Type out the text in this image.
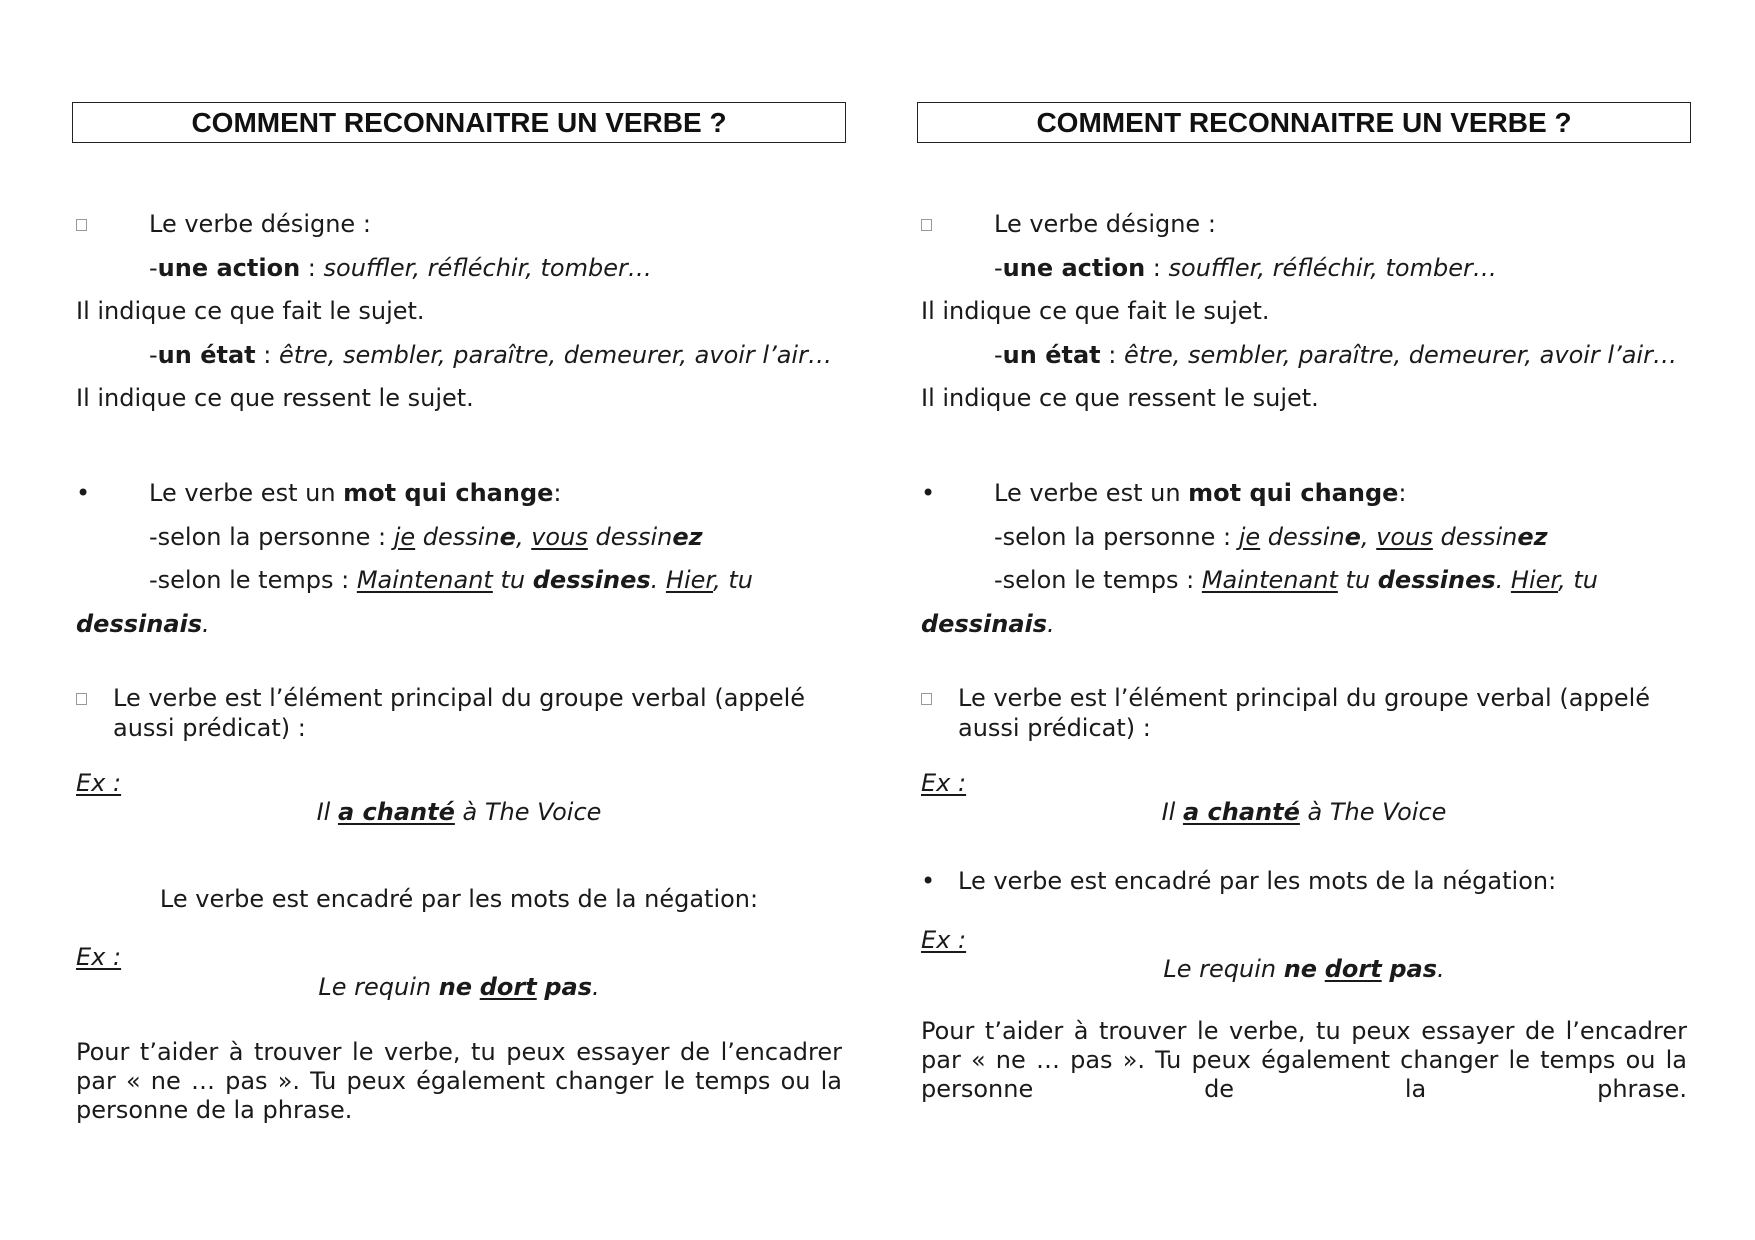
COMMENT RECONNAITRE UN VERBE ?
Le verbe désigne :
-une action : souffler, réfléchir, tomber…
Il indique ce que fait le sujet.
-un état : être, sembler, paraître, demeurer, avoir l’air…
Il indique ce que ressent le sujet.
• Le verbe est un mot qui change:
-selon la personne : je dessine, vous dessinez
-selon le temps : Maintenant tu dessines. Hier, tu
dessinais.
Le verbe est l’élément principal du groupe verbal (appelé aussi prédicat) :
Ex :
Il a chanté à The Voice
Le verbe est encadré par les mots de la négation:
Ex :
Le requin ne dort pas.
Pour t’aider à trouver le verbe, tu peux essayer de l’encadrer par « ne … pas ». Tu peux également changer le temps ou la personne de la phrase.
COMMENT RECONNAITRE UN VERBE ?
Le verbe désigne :
-une action : souffler, réfléchir, tomber…
Il indique ce que fait le sujet.
-un état : être, sembler, paraître, demeurer, avoir l’air…
Il indique ce que ressent le sujet.
• Le verbe est un mot qui change:
-selon la personne : je dessine, vous dessinez
-selon le temps : Maintenant tu dessines. Hier, tu
dessinais.
Le verbe est l’élément principal du groupe verbal (appelé aussi prédicat) :
Ex :
Il a chanté à The Voice
• Le verbe est encadré par les mots de la négation:
Ex :
Le requin ne dort pas.
Pour t’aider à trouver le verbe, tu peux essayer de l’encadrer par « ne … pas ». Tu peux également changer le temps ou la personne de la phrase.
